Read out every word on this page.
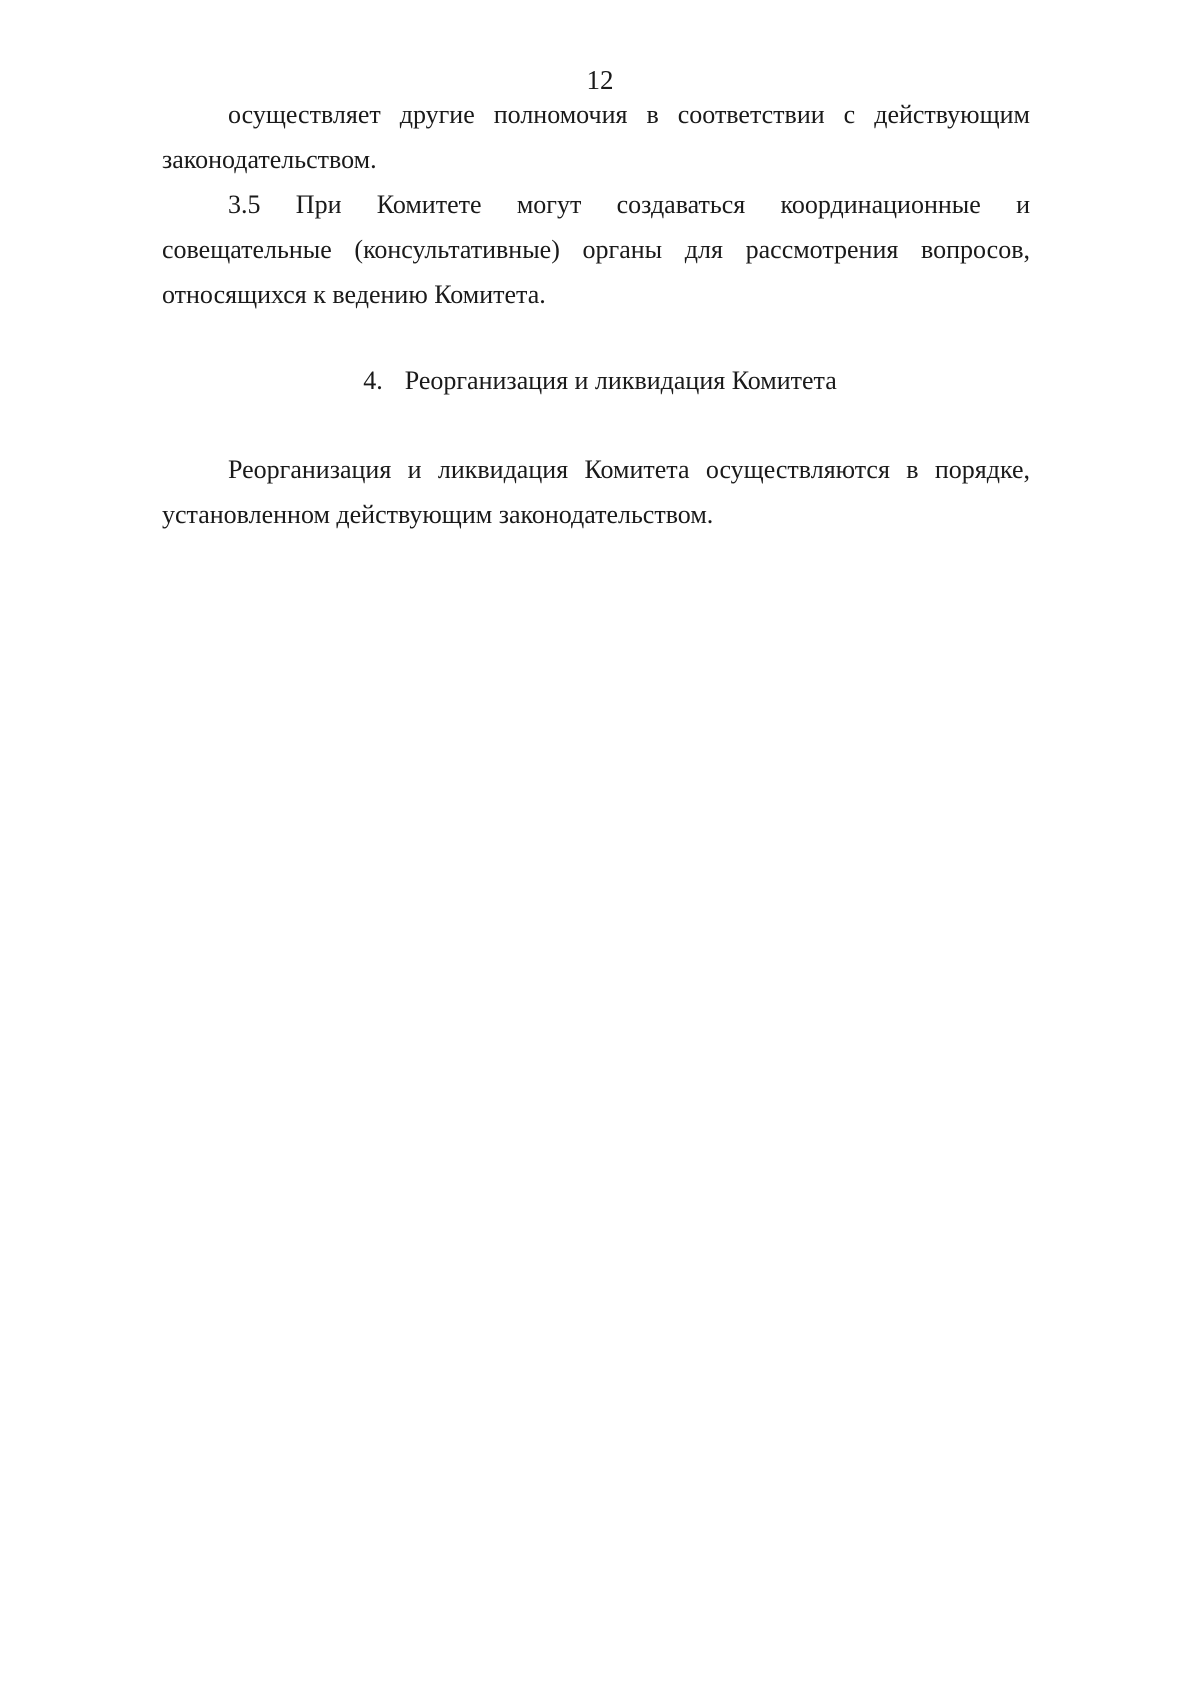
12
осуществляет другие полномочия в соответствии с действующим
законодательством.
3.5 При Комитете могут создаваться координационные и
совещательные (консультативные) органы для рассмотрения вопросов,
относящихся к ведению Комитета.
4. Реорганизация и ликвидация Комитета
Реорганизация и ликвидация Комитета осуществляются в порядке,
установленном действующим законодательством.
